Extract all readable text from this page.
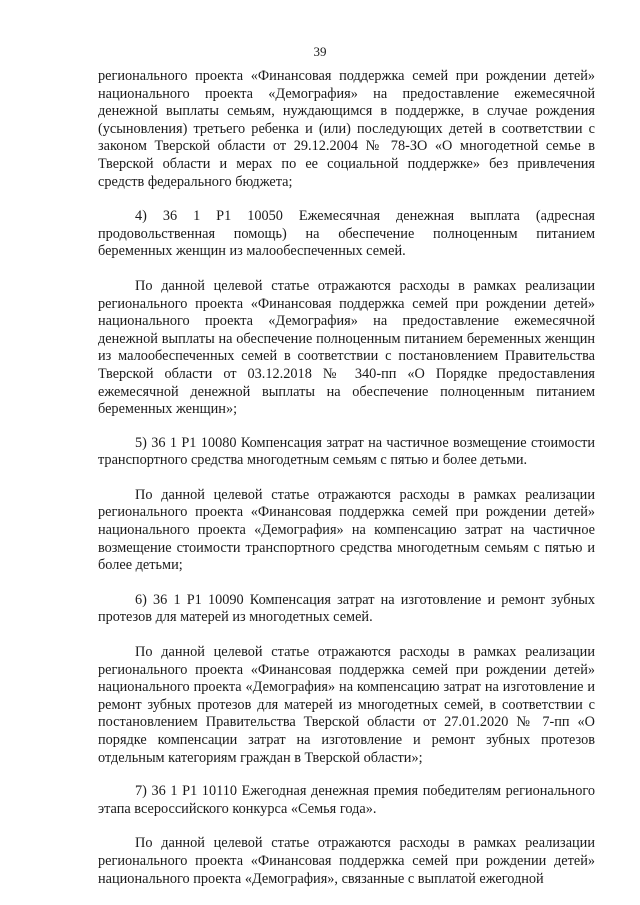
39

регионального проекта «Финансовая поддержка семей при рождении детей» национального проекта «Демография» на предоставление ежемесячной денежной выплаты семьям, нуждающимся в поддержке, в случае рождения (усыновления) третьего ребенка и (или) последующих детей в соответствии с законом Тверской области от 29.12.2004 № 78-ЗО «О многодетной семье в Тверской области и мерах по ее социальной поддержке» без привлечения средств федерального бюджета;

4) 36 1 P1 10050 Ежемесячная денежная выплата (адресная продовольственная помощь) на обеспечение полноценным питанием беременных женщин из малообеспеченных семей.

По данной целевой статье отражаются расходы в рамках реализации регионального проекта «Финансовая поддержка семей при рождении детей» национального проекта «Демография» на предоставление ежемесячной денежной выплаты на обеспечение полноценным питанием беременных женщин из малообеспеченных семей в соответствии с постановлением Правительства Тверской области от 03.12.2018 № 340-пп «О Порядке предоставления ежемесячной денежной выплаты на обеспечение полноценным питанием беременных женщин»;

5) 36 1 P1 10080 Компенсация затрат на частичное возмещение стоимости транспортного средства многодетным семьям с пятью и более детьми.

По данной целевой статье отражаются расходы в рамках реализации регионального проекта «Финансовая поддержка семей при рождении детей» национального проекта «Демография» на компенсацию затрат на частичное возмещение стоимости транспортного средства многодетным семьям с пятью и более детьми;

6) 36 1 P1 10090 Компенсация затрат на изготовление и ремонт зубных протезов для матерей из многодетных семей.

По данной целевой статье отражаются расходы в рамках реализации регионального проекта «Финансовая поддержка семей при рождении детей» национального проекта «Демография» на компенсацию затрат на изготовление и ремонт зубных протезов для матерей из многодетных семей, в соответствии с постановлением Правительства Тверской области от 27.01.2020 № 7-пп «О порядке компенсации затрат на изготовление и ремонт зубных протезов отдельным категориям граждан в Тверской области»;

7) 36 1 P1 10110 Ежегодная денежная премия победителям регионального этапа всероссийского конкурса «Семья года».

По данной целевой статье отражаются расходы в рамках реализации регионального проекта «Финансовая поддержка семей при рождении детей» национального проекта «Демография», связанные с выплатой ежегодной
